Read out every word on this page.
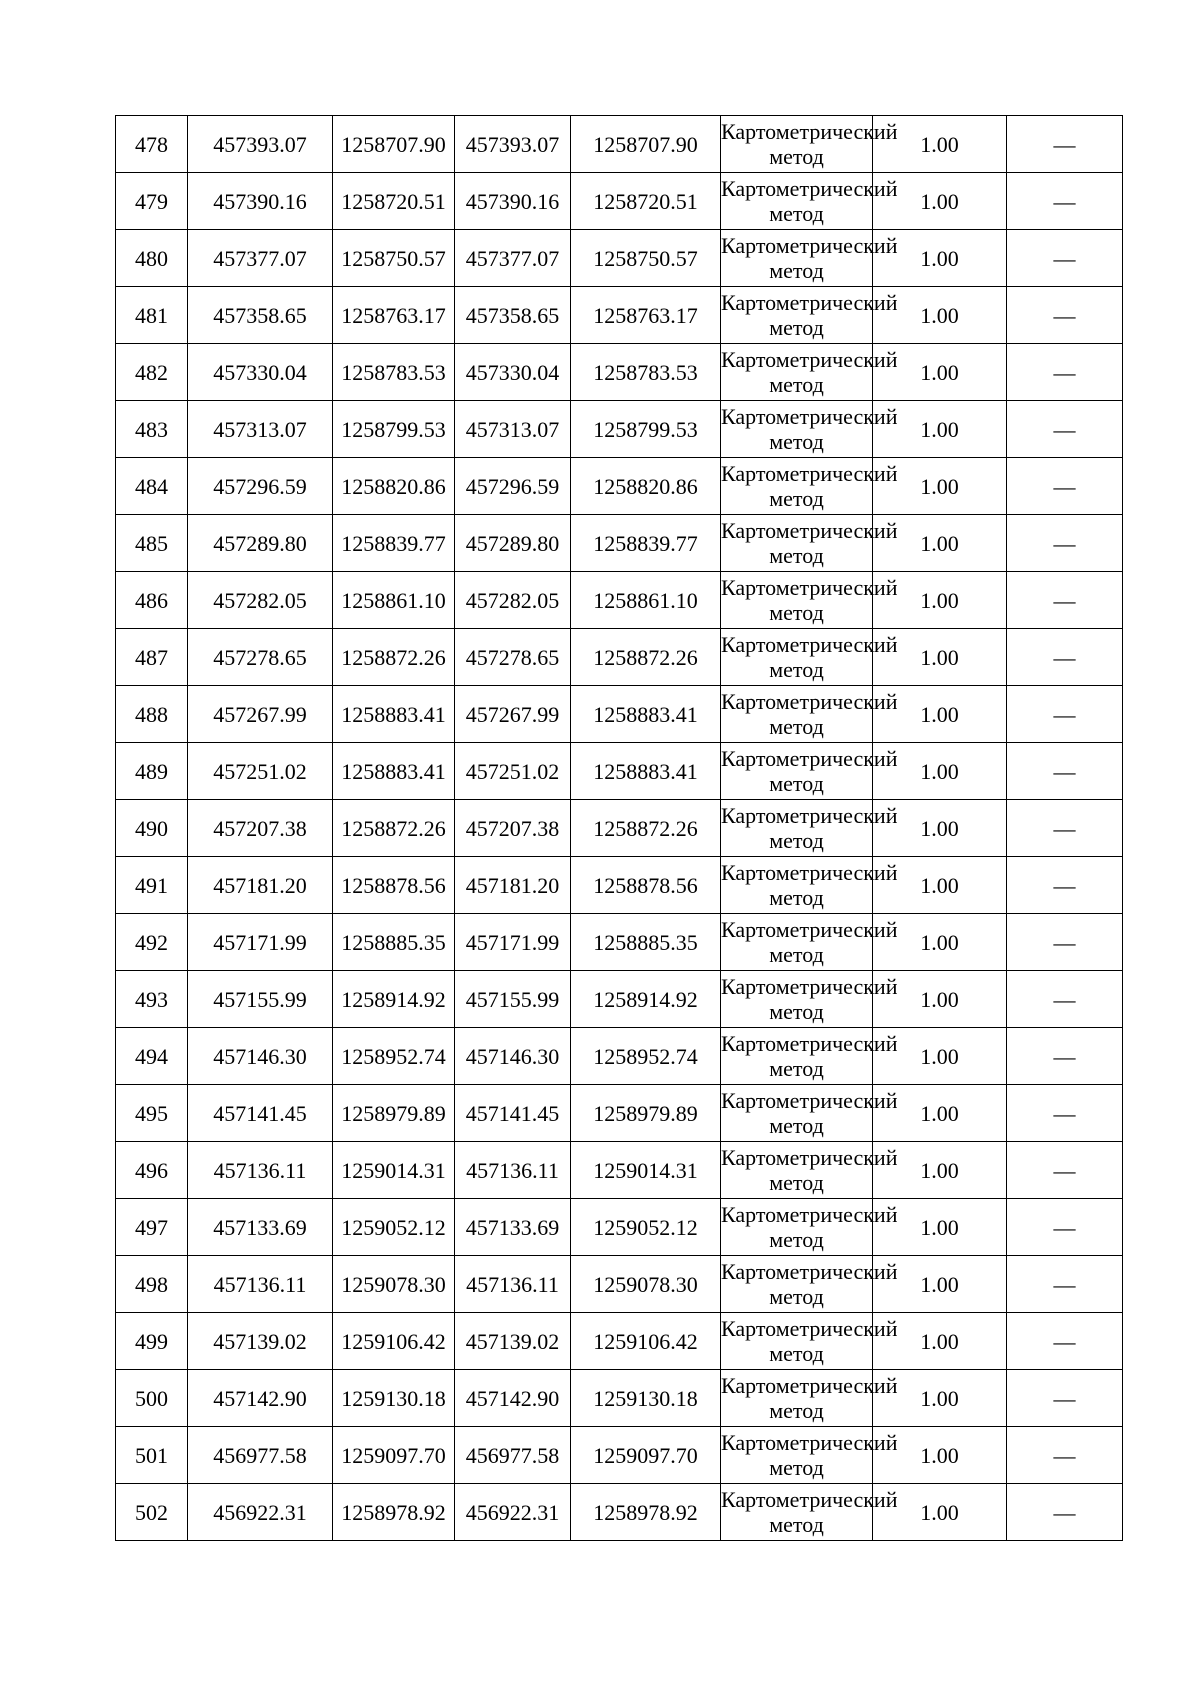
478	457393.07	1258707.90	457393.07	1258707.90	Картометрический метод	1.00	—
479	457390.16	1258720.51	457390.16	1258720.51	Картометрический метод	1.00	—
480	457377.07	1258750.57	457377.07	1258750.57	Картометрический метод	1.00	—
481	457358.65	1258763.17	457358.65	1258763.17	Картометрический метод	1.00	—
482	457330.04	1258783.53	457330.04	1258783.53	Картометрический метод	1.00	—
483	457313.07	1258799.53	457313.07	1258799.53	Картометрический метод	1.00	—
484	457296.59	1258820.86	457296.59	1258820.86	Картометрический метод	1.00	—
485	457289.80	1258839.77	457289.80	1258839.77	Картометрический метод	1.00	—
486	457282.05	1258861.10	457282.05	1258861.10	Картометрический метод	1.00	—
487	457278.65	1258872.26	457278.65	1258872.26	Картометрический метод	1.00	—
488	457267.99	1258883.41	457267.99	1258883.41	Картометрический метод	1.00	—
489	457251.02	1258883.41	457251.02	1258883.41	Картометрический метод	1.00	—
490	457207.38	1258872.26	457207.38	1258872.26	Картометрический метод	1.00	—
491	457181.20	1258878.56	457181.20	1258878.56	Картометрический метод	1.00	—
492	457171.99	1258885.35	457171.99	1258885.35	Картометрический метод	1.00	—
493	457155.99	1258914.92	457155.99	1258914.92	Картометрический метод	1.00	—
494	457146.30	1258952.74	457146.30	1258952.74	Картометрический метод	1.00	—
495	457141.45	1258979.89	457141.45	1258979.89	Картометрический метод	1.00	—
496	457136.11	1259014.31	457136.11	1259014.31	Картометрический метод	1.00	—
497	457133.69	1259052.12	457133.69	1259052.12	Картометрический метод	1.00	—
498	457136.11	1259078.30	457136.11	1259078.30	Картометрический метод	1.00	—
499	457139.02	1259106.42	457139.02	1259106.42	Картометрический метод	1.00	—
500	457142.90	1259130.18	457142.90	1259130.18	Картометрический метод	1.00	—
501	456977.58	1259097.70	456977.58	1259097.70	Картометрический метод	1.00	—
502	456922.31	1258978.92	456922.31	1258978.92	Картометрический метод	1.00	—
